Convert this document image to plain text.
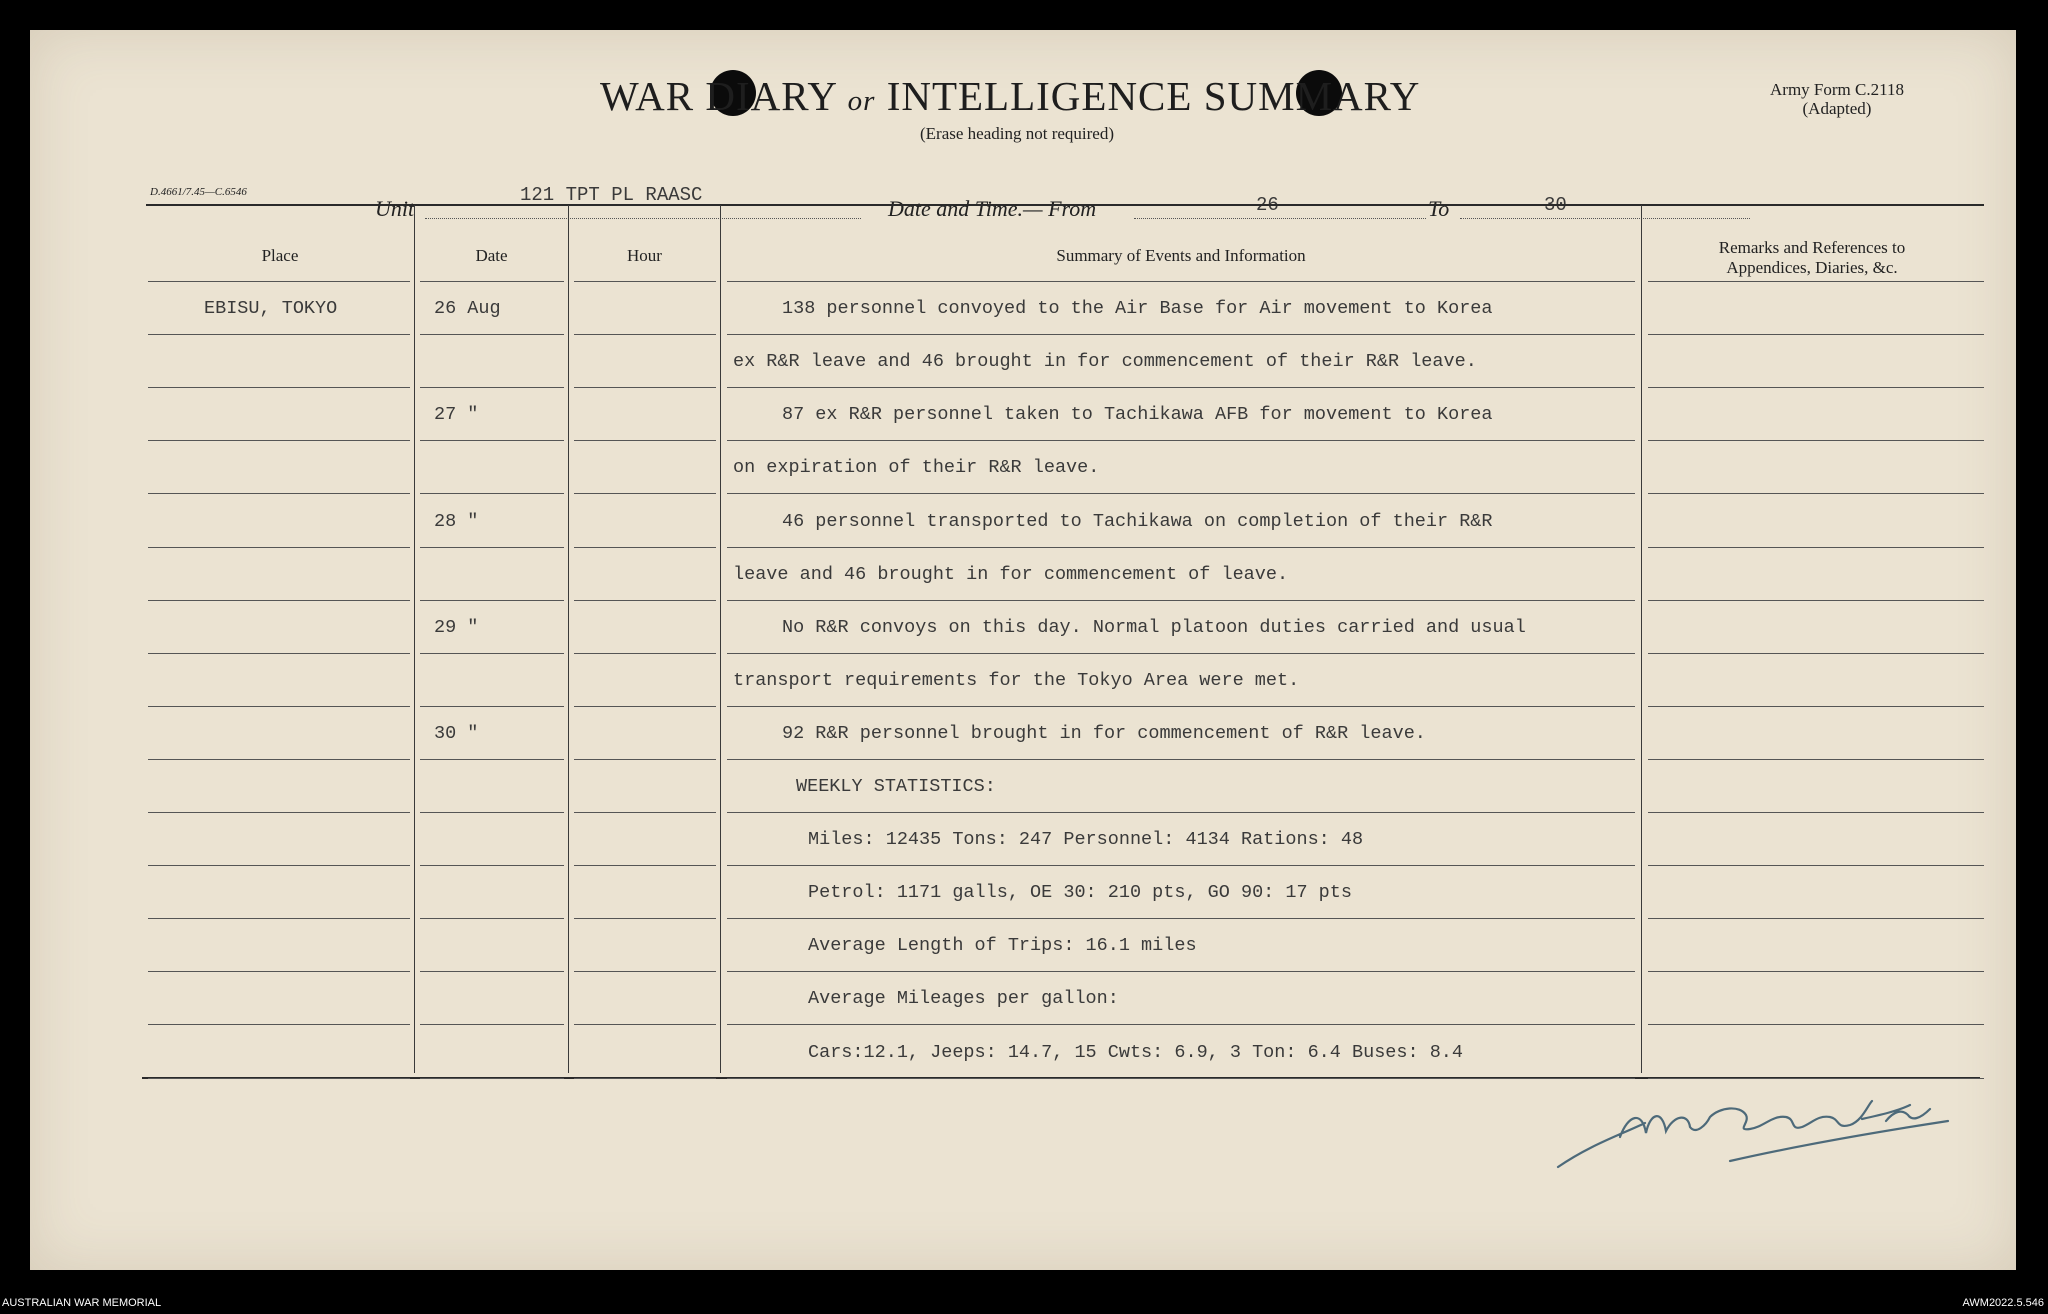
WAR DIARY or INTELLIGENCE SUMMARY
(Erase heading not required)
Army Form C.2118
(Adapted)
D.4661/7.45—C.6546
Unit
121 TPT PL RAASC
Date and Time.— From	26	To	30
Place	Date	Hour	Summary of Events and Information	Remarks and References to
Appendices, Diaries, &c.
EBISU, TOKYO	26 Aug	138 personnel convoyed to the Air Base for Air movement to Korea
ex R&R leave and 46 brought in for commencement of their R&R leave.
27 "	87 ex R&R personnel taken to Tachikawa AFB for movement to Korea
on expiration of their R&R leave.
28 "	46 personnel transported to Tachikawa on completion of their R&R
leave and 46 brought in for commencement of leave.
29 "	No R&R convoys on this day. Normal platoon duties carried and usual
transport requirements for the Tokyo Area were met.
30 "	92 R&R personnel brought in for commencement of R&R leave.
WEEKLY STATISTICS:
Miles: 12435 Tons: 247 Personnel: 4134 Rations: 48
Petrol: 1171 galls, OE 30: 210 pts, GO 90: 17 pts
Average Length of Trips: 16.1 miles
Average Mileages per gallon:
Cars:12.1, Jeeps: 14.7, 15 Cwts: 6.9, 3 Ton: 6.4 Buses: 8.4
AUSTRALIAN WAR MEMORIAL	AWM2022.5.546
